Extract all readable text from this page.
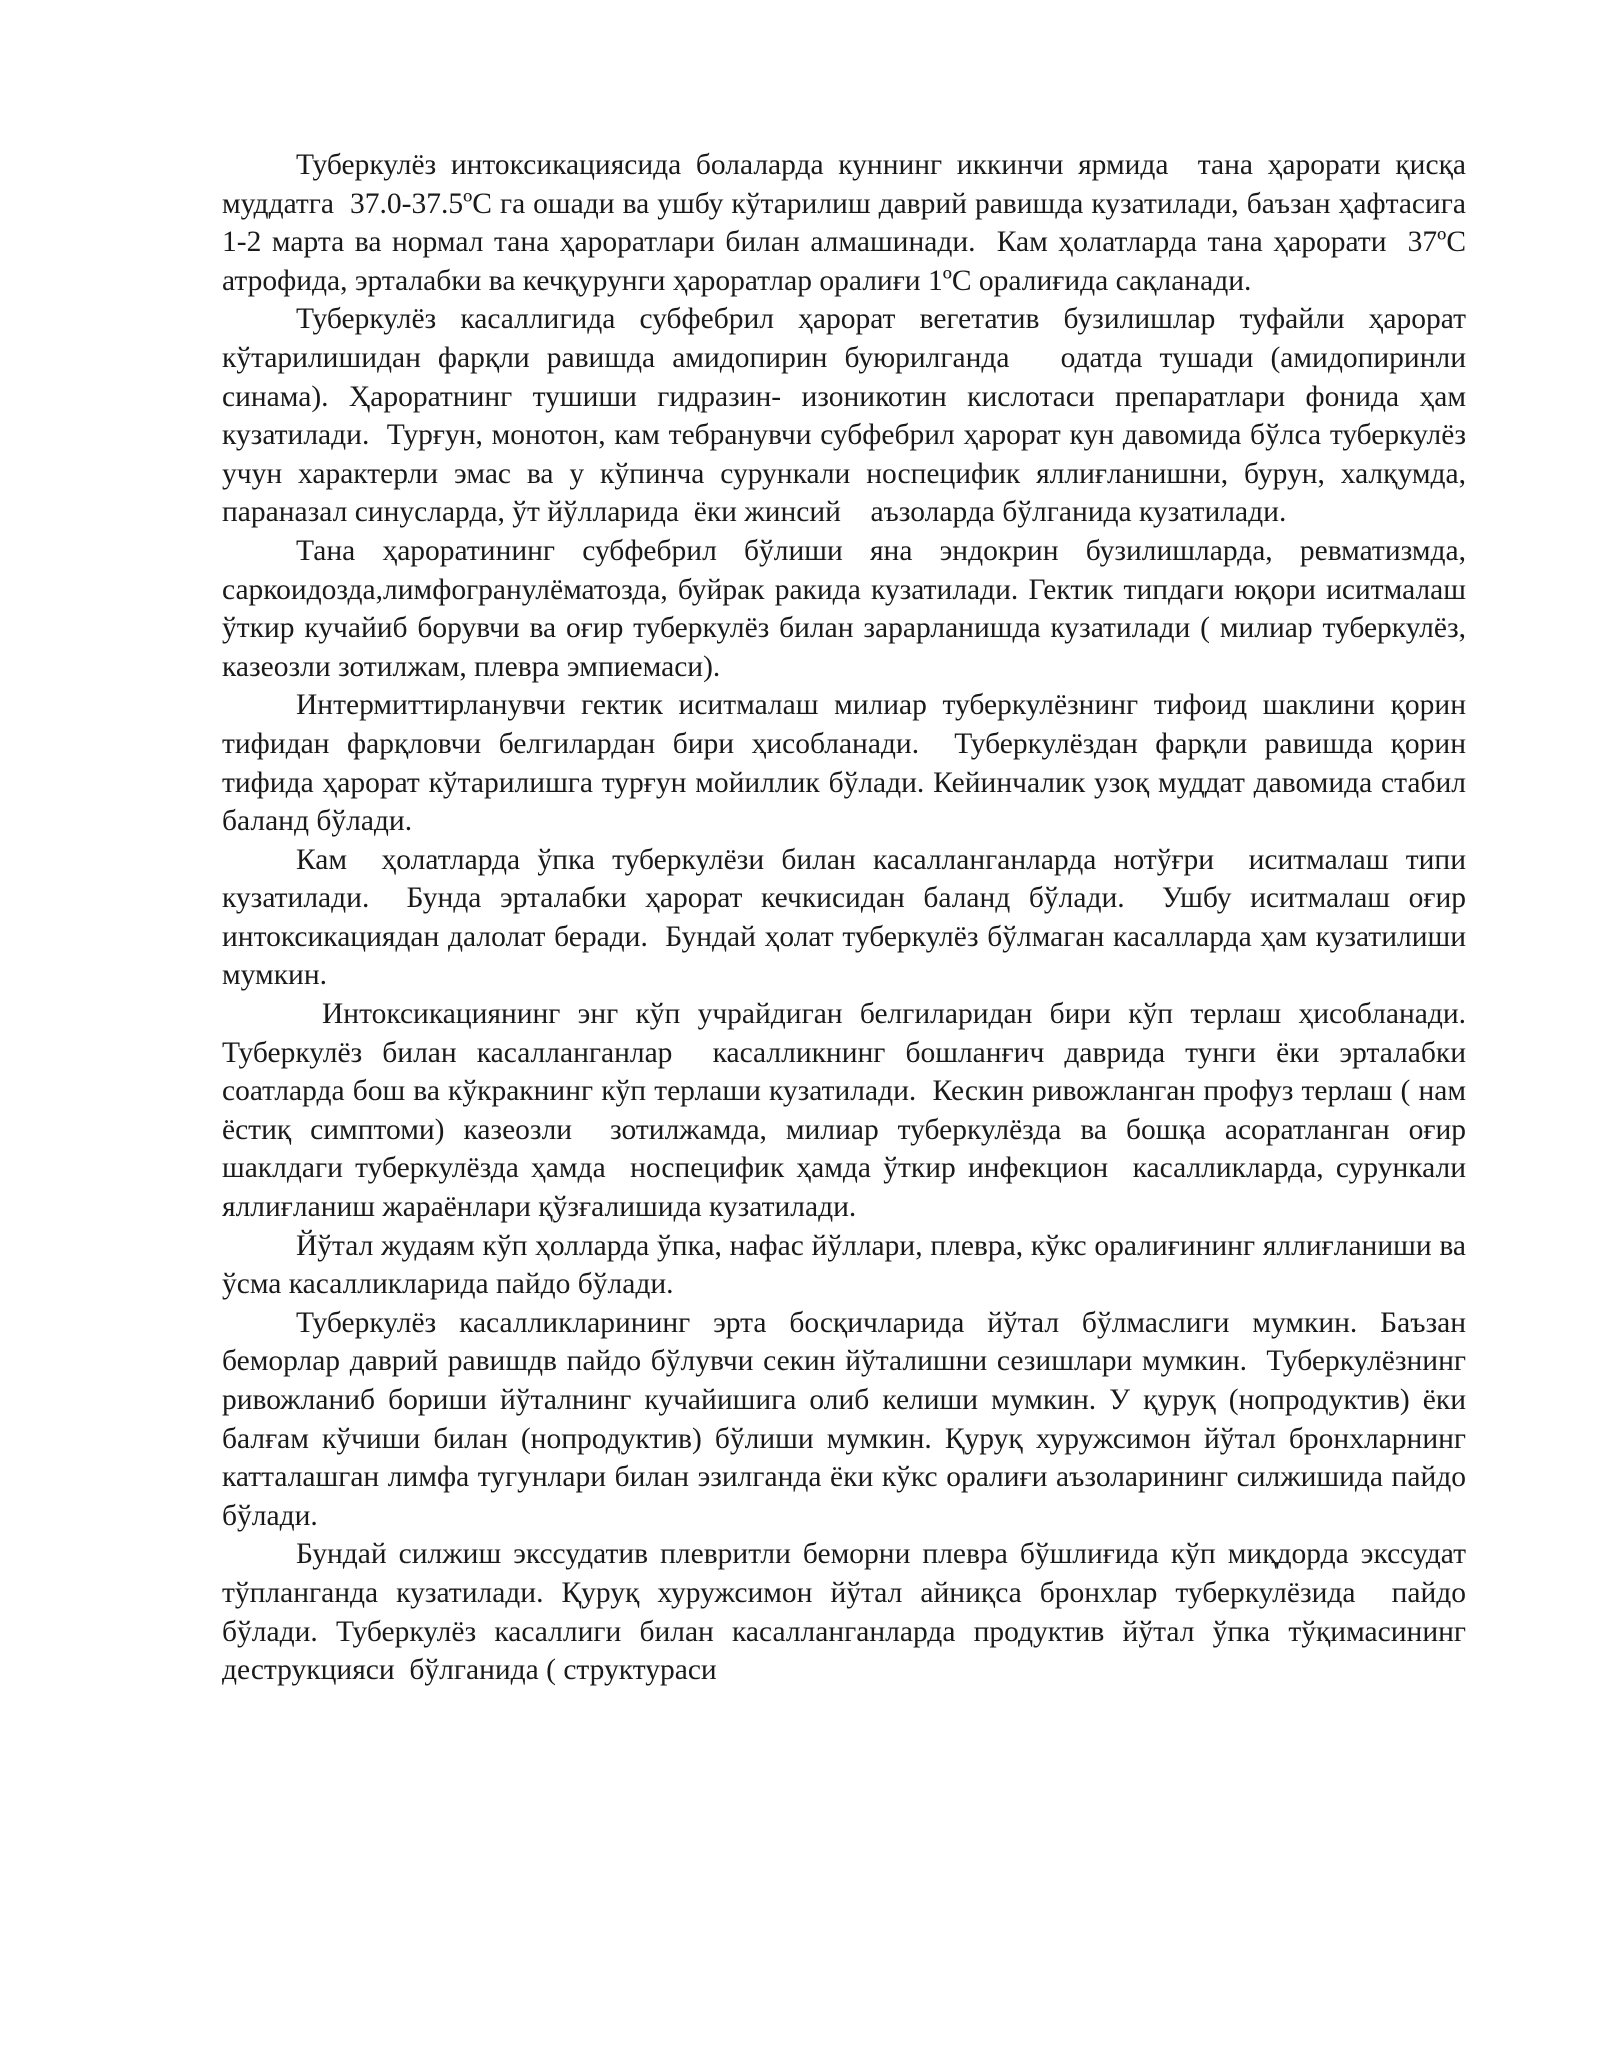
Туберкулёз интоксикациясида болаларда куннинг иккинчи ярмида  тана ҳарорати қисқа муддатга  37.0-37.5ºС га ошади ва ушбу кўтарилиш даврий равишда кузатилади, баъзан ҳафтасига 1-2 марта ва нормал тана ҳароратлари билан алмашинади.  Кам ҳолатларда тана ҳарорати  37ºС атрофида, эрталабки ва кечқурунги ҳароратлар оралиғи 1ºС оралиғида сақланади.

Туберкулёз касаллигида субфебрил ҳарорат вегетатив бузилишлар туфайли ҳарорат кўтарилишидан фарқли равишда амидопирин буюрилганда   одатда тушади (амидопиринли синама). Ҳароратнинг тушиши гидразин- изоникотин кислотаси препаратлари фонида ҳам кузатилади.  Турғун, монотон, кам тебранувчи субфебрил ҳарорат кун давомида бўлса туберкулёз учун характерли эмас ва у кўпинча сурункали носпецифик яллиғланишни, бурун, халқумда, параназал синусларда, ўт йўлларида  ёки жинсий    аъзоларда бўлганида кузатилади.

Тана ҳароратининг субфебрил бўлиши яна эндокрин бузилишларда, ревматизмда, саркоидозда,лимфогранулёматозда, буйрак ракида кузатилади. Гектик типдаги юқори иситмалаш  ўткир кучайиб борувчи ва оғир туберкулёз билан зарарланишда кузатилади ( милиар туберкулёз, казеозли зотилжам, плевра эмпиемаси).

Интермиттирланувчи гектик иситмалаш милиар туберкулёзнинг тифоид шаклини қорин тифидан фарқловчи белгилардан бири ҳисобланади.  Туберкулёздан фарқли равишда қорин тифида ҳарорат кўтарилишга турғун мойиллик бўлади. Кейинчалик узоқ муддат давомида стабил баланд бўлади.

Кам  ҳолатларда ўпка туберкулёзи билан касалланганларда нотўғри  иситмалаш типи кузатилади.  Бунда эрталабки ҳарорат кечкисидан баланд бўлади.  Ушбу иситмалаш оғир интоксикациядан далолат беради.  Бундай ҳолат туберкулёз бўлмаган касалларда ҳам кузатилиши мумкин.

Интоксикациянинг энг кўп учрайдиган белгиларидан бири кўп терлаш ҳисобланади. Туберкулёз билан касалланганлар  касалликнинг бошланғич даврида тунги ёки эрталабки соатларда бош ва кўкракнинг кўп терлаши кузатилади.  Кескин ривожланган профуз терлаш ( нам ёстиқ симптоми) казеозли  зотилжамда, милиар туберкулёзда ва бошқа асоратланган оғир шаклдаги туберкулёзда ҳамда  носпецифик ҳамда ўткир инфекцион  касалликларда, сурункали яллиғланиш жараёнлари қўзғалишида кузатилади.

Йўтал жудаям кўп ҳолларда ўпка, нафас йўллари, плевра, кўкс оралиғининг яллиғланиши ва ўсма касалликларида пайдо бўлади.

Туберкулёз касалликларининг эрта босқичларида йўтал бўлмаслиги мумкин. Баъзан беморлар даврий равишдв пайдо бўлувчи секин йўталишни сезишлари мумкин.  Туберкулёзнинг ривожланиб бориши йўталнинг кучайишига олиб келиши мумкин. У қуруқ (нопродуктив) ёки балғам кўчиши билан (нопродуктив) бўлиши мумкин. Қуруқ хуружсимон йўтал бронхларнинг катталашган лимфа тугунлари билан эзилганда ёки кўкс оралиғи аъзоларининг силжишида пайдо бўлади.

Бундай силжиш экссудатив плевритли беморни плевра бўшлиғида кўп миқдорда экссудат тўпланганда кузатилади. Қуруқ хуружсимон йўтал айниқса бронхлар туберкулёзида  пайдо бўлади. Туберкулёз касаллиги билан касалланганларда продуктив йўтал ўпка тўқимасининг деструкцияси  бўлганида ( структураси
